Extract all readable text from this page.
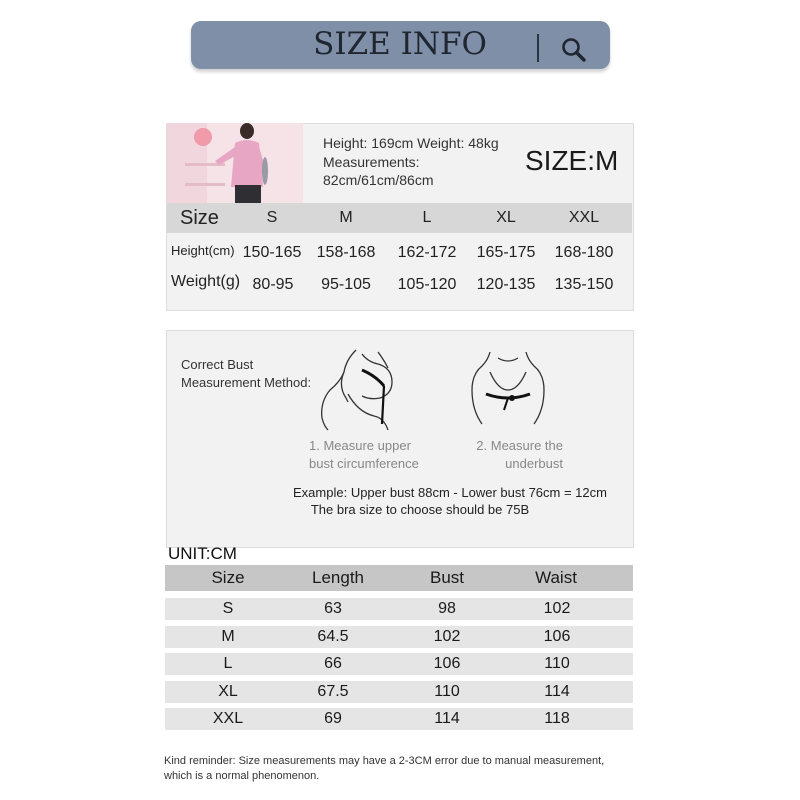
SIZE INFO
Height: 169cm Weight: 48kg
Measurements:
82cm/61cm/86cm
SIZE:M
Size	S	M	L	XL	XXL
Height(cm) 150-165 158-168 162-172 165-175 168-180
Weight(g) 80-95	95-105	105-120 120-135 135-150
Correct Bust
Measurement Method:
1. Measure upper
bust circumference
2. Measure the
underbust
Example: Upper bust 88cm - Lower bust 76cm = 12cm
The bra size to choose should be 75B
UNIT:CM
Size	Length	Bust	Waist
S	63	98	102
M	64.5	102	106
L	66	106	110
XL	67.5	110	114
XXL	69	114	118
Kind reminder: Size measurements may have a 2-3CM error due to manual measurement,
which is a normal phenomenon.
